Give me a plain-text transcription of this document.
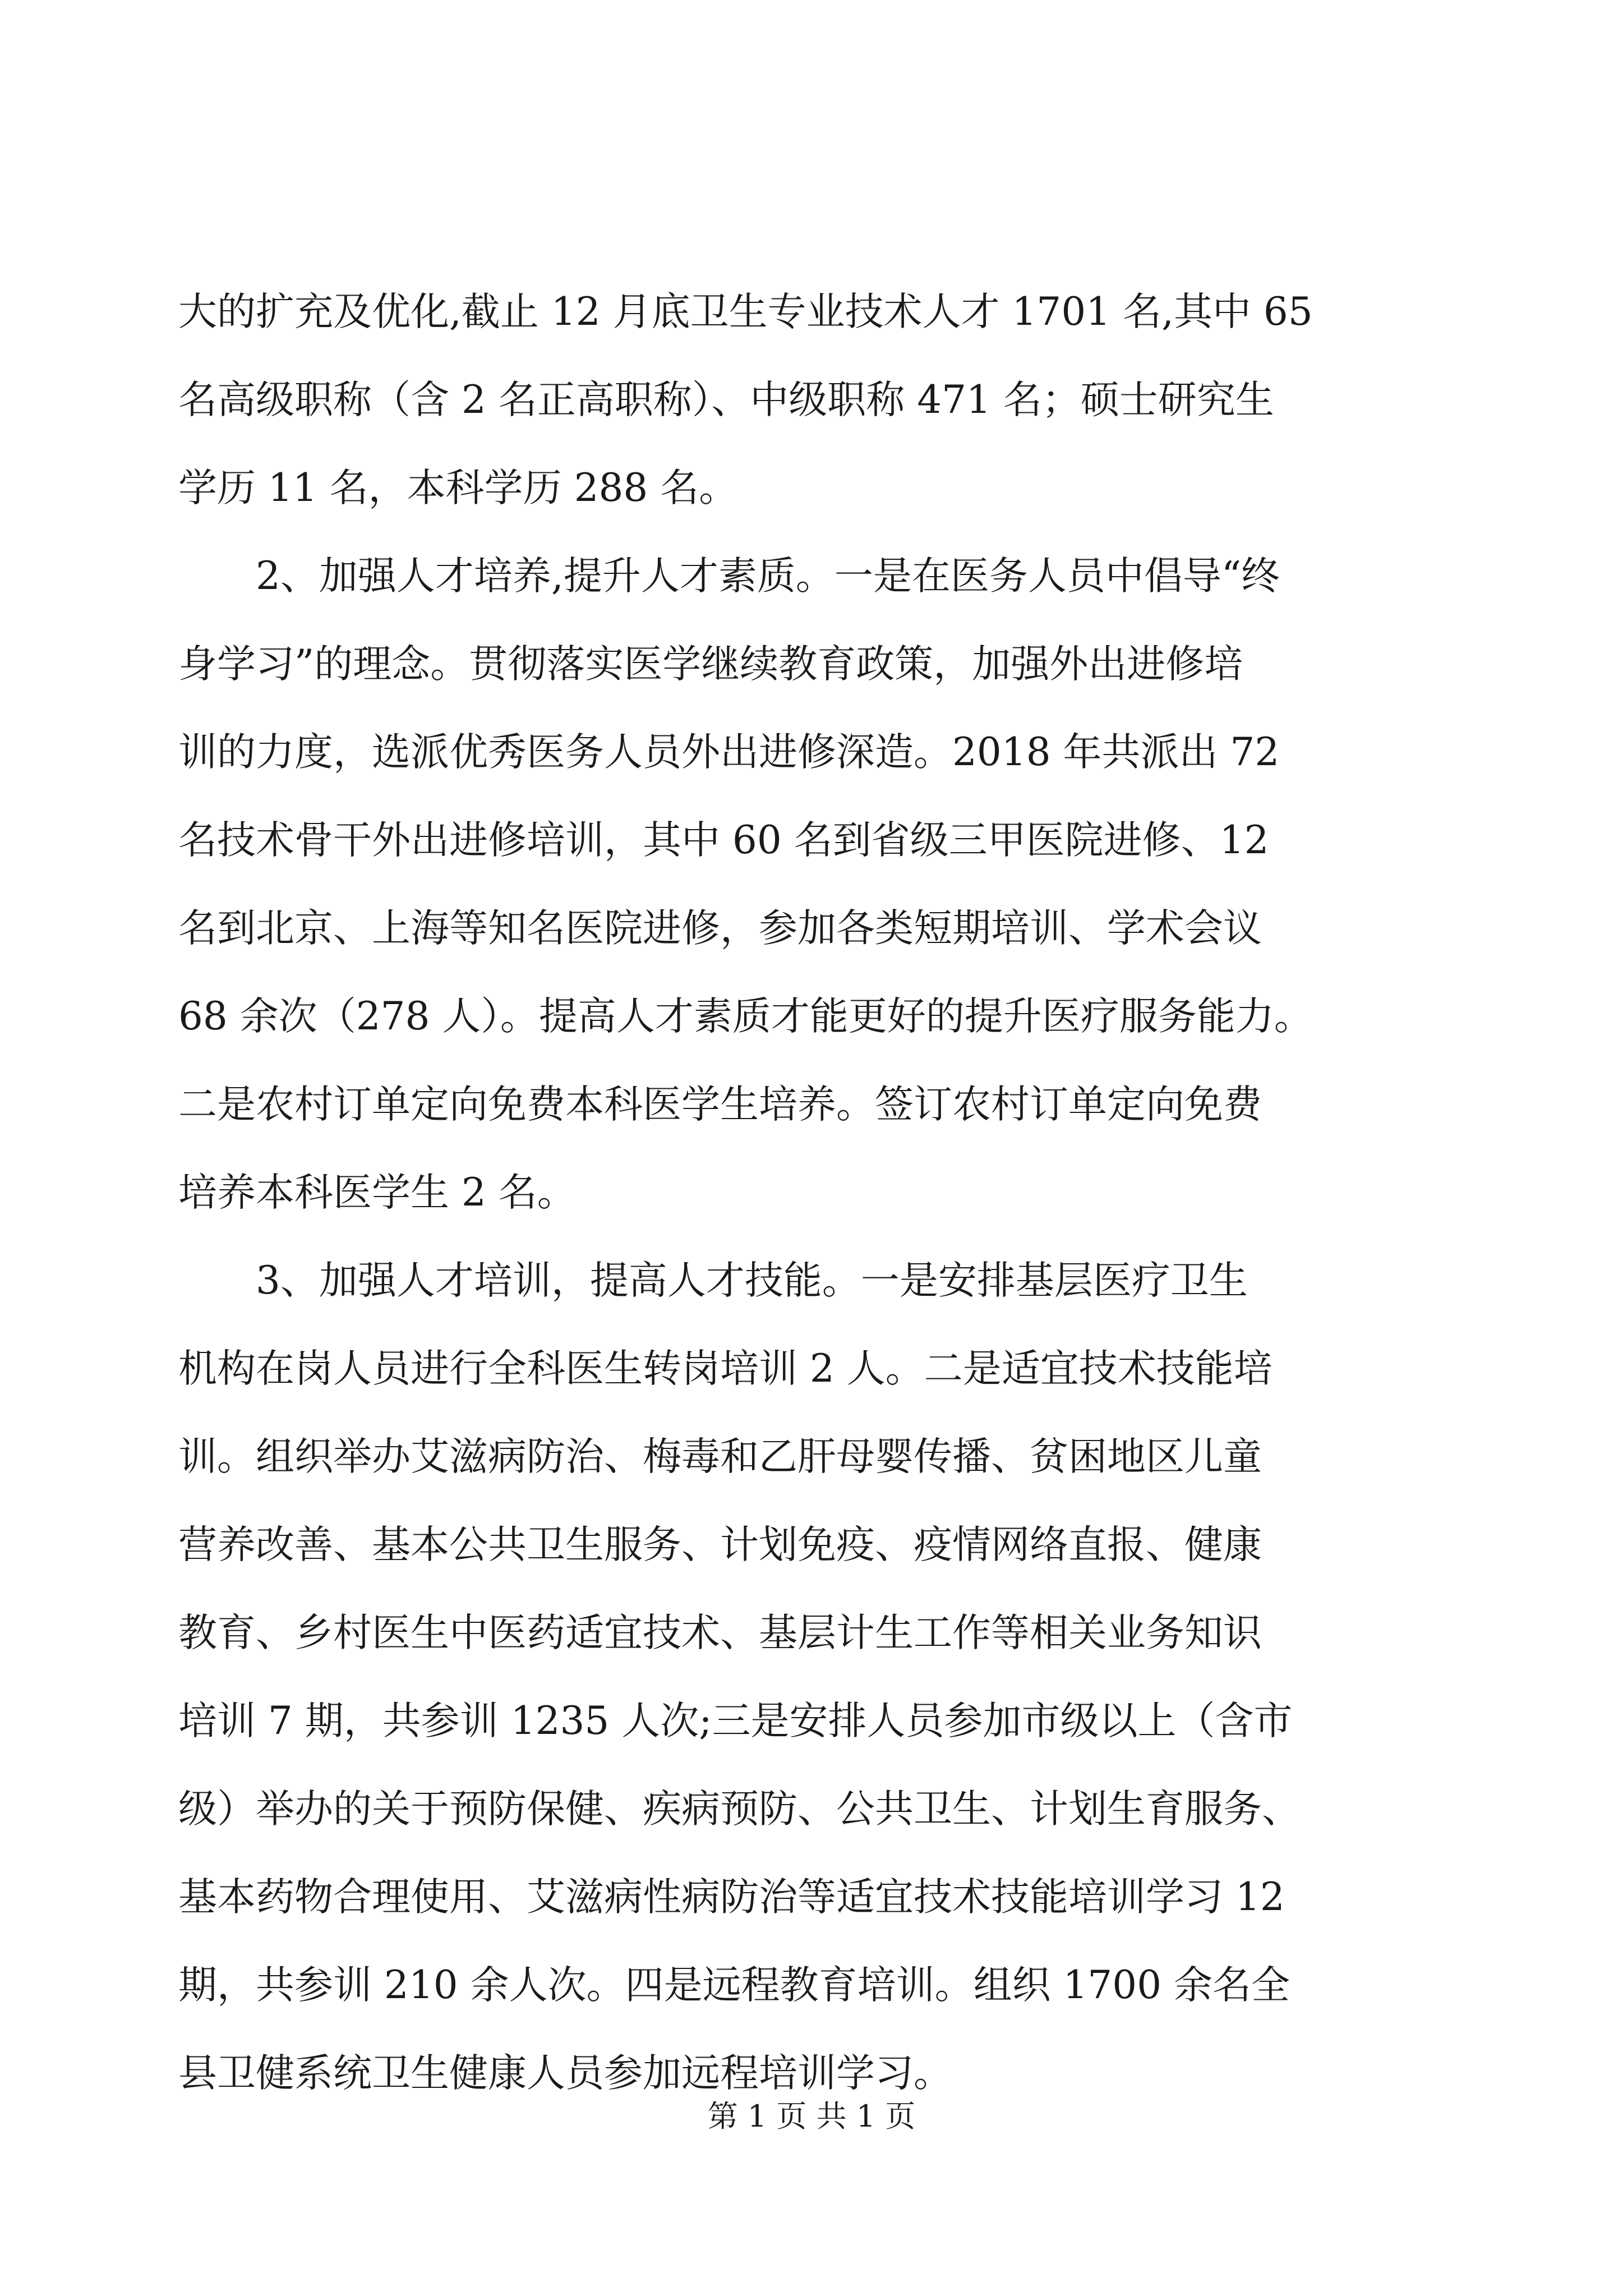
大的扩充及优化,截止 12 月底卫生专业技术人才 1701 名,其中 65
名高级职称（含 2 名正高职称）、中级职称 471 名；硕士研究生
学历 11 名，本科学历 288 名。
2、加强人才培养,提升人才素质。一是在医务人员中倡导“终
身学习”的理念。贯彻落实医学继续教育政策，加强外出进修培
训的力度，选派优秀医务人员外出进修深造。2018 年共派出 72
名技术骨干外出进修培训，其中 60 名到省级三甲医院进修、12
名到北京、上海等知名医院进修，参加各类短期培训、学术会议
68 余次（278 人）。提高人才素质才能更好的提升医疗服务能力。
二是农村订单定向免费本科医学生培养。签订农村订单定向免费
培养本科医学生 2 名。
3、加强人才培训，提高人才技能。一是安排基层医疗卫生
机构在岗人员进行全科医生转岗培训 2 人。二是适宜技术技能培
训。组织举办艾滋病防治、梅毒和乙肝母婴传播、贫困地区儿童
营养改善、基本公共卫生服务、计划免疫、疫情网络直报、健康
教育、乡村医生中医药适宜技术、基层计生工作等相关业务知识
培训 7 期，共参训 1235 人次;三是安排人员参加市级以上（含市
级）举办的关于预防保健、疾病预防、公共卫生、计划生育服务、
基本药物合理使用、艾滋病性病防治等适宜技术技能培训学习 12
期，共参训 210 余人次。四是远程教育培训。组织 1700 余名全
县卫健系统卫生健康人员参加远程培训学习。
第 1 页 共 1 页
